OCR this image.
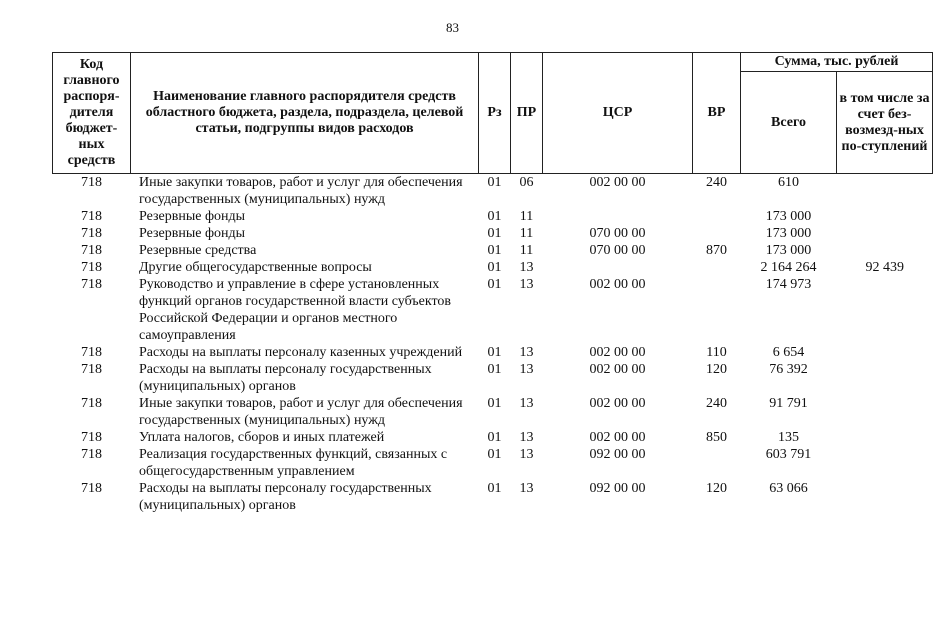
83
Код главного распоря-дителя бюджет-ных средств	Наименование главного распорядителя средств областного бюджета, раздела, подраздела, целевой статьи, подгруппы видов расходов	Рз	ПР	ЦСР	ВР	Сумма, тыс. рублей	
						Всего	в том числе за счет без-возмезд-ных по-ступлений
718	Иные закупки товаров, работ и услуг для обеспечения государственных (муниципальных) нужд	01	06	002 00 00	240	610	
718	Резервные фонды	01	11			173 000	
718	Резервные фонды	01	11	070 00 00		173 000	
718	Резервные средства	01	11	070 00 00	870	173 000	
718	Другие общегосударственные вопросы	01	13			2 164 264	92 439
718	Руководство и управление в сфере установленных функций органов государственной власти субъектов Российской Федерации и органов местного самоуправления	01	13	002 00 00		174 973	
718	Расходы на выплаты персоналу казенных учреждений	01	13	002 00 00	110	6 654	
718	Расходы на выплаты персоналу государственных (муниципальных) органов	01	13	002 00 00	120	76 392	
718	Иные закупки товаров, работ и услуг для обеспечения государственных (муниципальных) нужд	01	13	002 00 00	240	91 791	
718	Уплата налогов, сборов и иных платежей	01	13	002 00 00	850	135	
718	Реализация государственных функций, связанных с общегосударственным управлением	01	13	092 00 00		603 791	
718	Расходы на выплаты персоналу государственных (муниципальных) органов	01	13	092 00 00	120	63 066	
